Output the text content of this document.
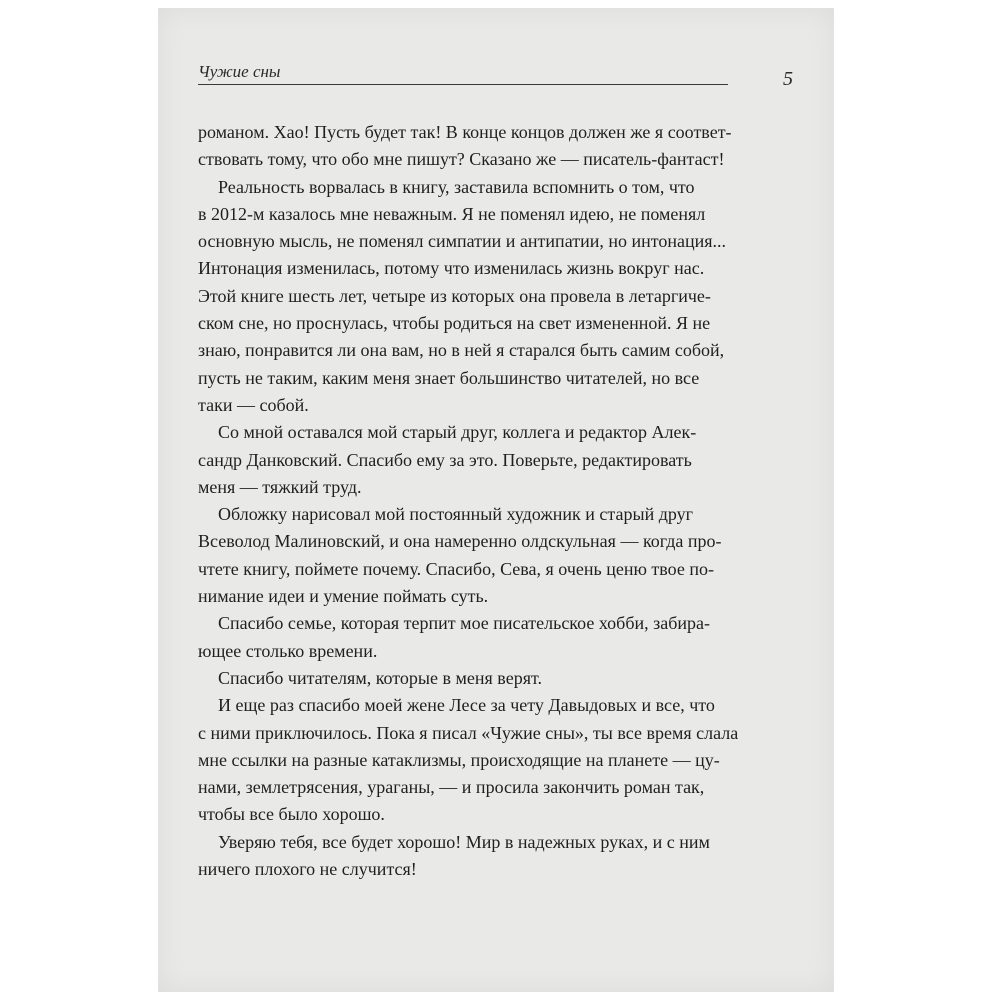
Чужие сны	5
романом. Хао! Пусть будет так! В конце концов должен же я соответ-
ствовать тому, что обо мне пишут? Сказано же — писатель-фантаст!
Реальность ворвалась в книгу, заставила вспомнить о том, что
в 2012-м казалось мне неважным. Я не поменял идею, не поменял
основную мысль, не поменял симпатии и антипатии, но интонация...
Интонация изменилась, потому что изменилась жизнь вокруг нас.
Этой книге шесть лет, четыре из которых она провела в летаргиче-
ском сне, но проснулась, чтобы родиться на свет измененной. Я не
знаю, понравится ли она вам, но в ней я старался быть самим собой,
пусть не таким, каким меня знает большинство читателей, но все
таки — собой.
Со мной оставался мой старый друг, коллега и редактор Алек-
сандр Данковский. Спасибо ему за это. Поверьте, редактировать
меня — тяжкий труд.
Обложку нарисовал мой постоянный художник и старый друг
Всеволод Малиновский, и она намеренно олдскульная — когда про-
чтете книгу, поймете почему. Спасибо, Сева, я очень ценю твое по-
нимание идеи и умение поймать суть.
Спасибо семье, которая терпит мое писательское хобби, забира-
ющее столько времени.
Спасибо читателям, которые в меня верят.
И еще раз спасибо моей жене Лесе за чету Давыдовых и все, что
с ними приключилось. Пока я писал «Чужие сны», ты все время слала
мне ссылки на разные катаклизмы, происходящие на планете — цу-
нами, землетрясения, ураганы, — и просила закончить роман так,
чтобы все было хорошо.
Уверяю тебя, все будет хорошо! Мир в надежных руках, и с ним
ничего плохого не случится!
